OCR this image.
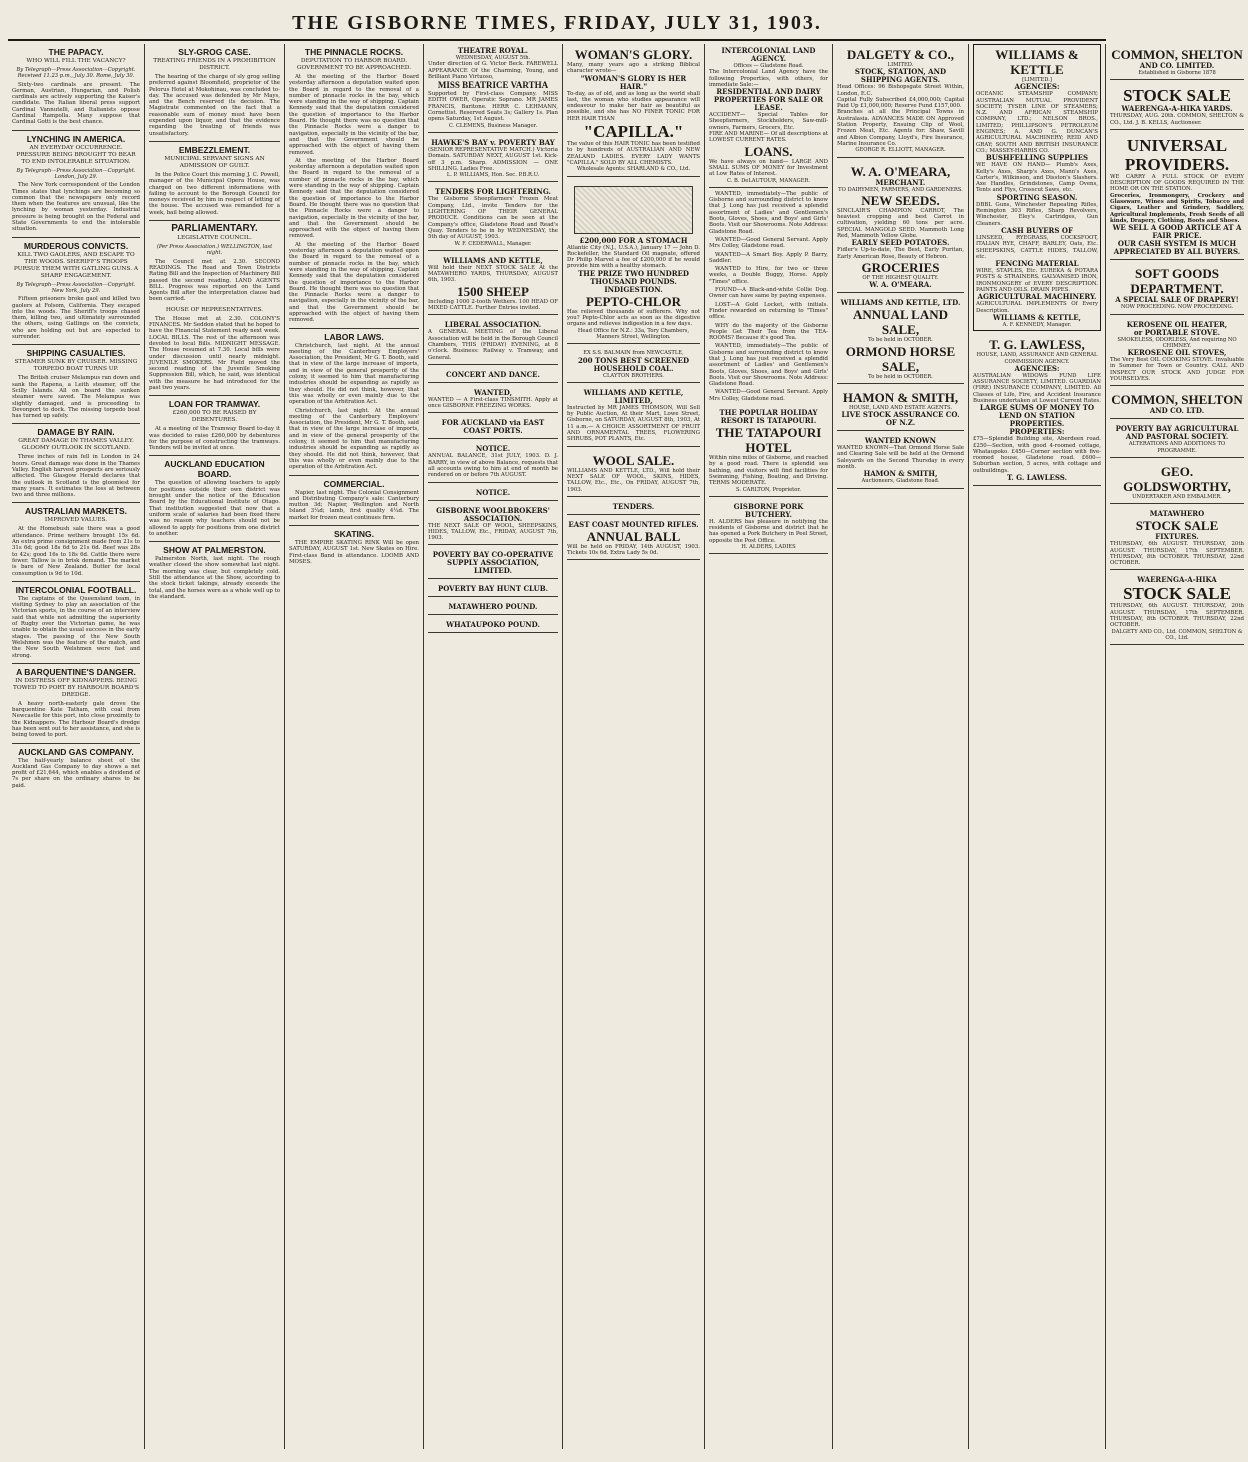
THE GISBORNE TIMES, FRIDAY, JULY 31, 1903.
THE PAPACY.
WHO WILL FILL THE VACANCY?
By Telegraph—Press Association—Copyright. Received 11.23 p.m., July 30. Rome, July 30.

Sixty-two cardinals are present. The German, Austrian, Hungarian, and Polish cardinals are actively supporting the Kaiser's candidate. The Italian liberal press support Cardinal Vannutelli, and Italianists oppose Cardinal Rampolla. Many suppose that Cardinal Gotti is the best chance.

LYNCHING IN AMERICA.
AN EVERYDAY OCCURRENCE. PRESSURE BEING BROUGHT TO BEAR TO END INTOLERABLE SITUATION.
By Telegraph—Press Association—Copyright. London, July 29.

The New York correspondent of the London Times states that lynchings are becoming so common that the newspapers only record them when the features are unusual, like the lynching by woman yesterday. Industrial pressure is being brought on the Federal and State Governments to end the intolerable situation.

MURDEROUS CONVICTS.
KILL TWO GAOLERS, AND ESCAPE TO THE WOODS. SHERIFF'S TROOPS PURSUE THEM WITH GATLING GUNS. A SHARP ENGAGEMENT.
By Telegraph—Press Association—Copyright. New York, July 29.

Fifteen prisoners broke gaol and killed two gaolers at Folsom, California. They escaped into the woods. The Sheriff's troops chased them, killing two, and ultimately surrounded the others, using Gatlings on the convicts, who are holding out but are expected to surrender.

SHIPPING CASUALTIES.
STEAMER SUNK BY CRUISER. MISSING TORPEDO BOAT TURNS UP.

The British cruiser Melampus ran down and sank the Rapena, a Leith steamer, off the Scilly Islands. All on board the sunken steamer were saved. The Melampus was slightly damaged, and is proceeding to Devonport to dock. The missing torpedo boat has turned up safely.

DAMAGE BY RAIN.
GREAT DAMAGE IN THAMES VALLEY. GLOOMY OUTLOOK IN SCOTLAND.

Three inches of rain fell in London in 24 hours. Great damage was done in the Thames Valley. English harvest prospects are seriously affected. The Glasgow Herald declares that the outlook in Scotland is the gloomiest for many years. It estimates the loss at between two and three millions.

AUSTRALIAN MARKETS.
IMPROVED VALUES.

At the Homebush sale there was a good attendance. Prime wethers brought 15s 6d. An extra prime consignment made from 21s to 31s 6d; good 18s 6d to 21s 6d. Beef was 28s to 42s; good 16s to 18s 6d. Cattle there were fewer. Tallow is in brisk demand. The market is bare of New Zealand. Butter for local consumption is 9d to 10d.

INTERCOLONIAL FOOTBALL.

The captains of the Queensland team, in visiting Sydney to play an association of the Victorian sports, in the course of an interview said that while not admitting the superiority of Rugby over the Victorian game, he was unable to obtain the usual success in the early stages. The passing of the New South Welshmen was the feature of the match, and the New South Welshmen were fast and strong.

A BARQUENTINE'S DANGER.
IN DISTRESS OFF KIDNAPPERS. BEING TOWED TO PORT BY HARBOUR BOARD'S DREDGE.

A heavy north-easterly gale drove the barquentine Kate Tatham, with coal from Newcastle for this port, into close proximity to the Kidnappers. The Harbour Board's dredge has been sent out to her assistance, and she is being towed to port.

AUCKLAND GAS COMPANY.

The half-yearly balance sheet of the Auckland Gas Company to day shows a net profit of £21,644, which enables a dividend of 7s per share on the ordinary shares to be paid.

SLY-GROG CASE.
TREATING FRIENDS IN A PROHIBITION DISTRICT.

The hearing of the charge of sly grog selling preferred against Bloomfield, proprietor of the Pelorus Hotel at Mokohinau, was concluded to-day. The accused was defended by Mr Mays, and the Bench reserved its decision. The Magistrate commented on the fact that a reasonable sum of money must have been expended upon liquor, and that the evidence regarding the treating of friends was unsatisfactory.

EMBEZZLEMENT.
MUNICIPAL SERVANT SIGNS AN ADMISSION OF GUILT.

In the Police Court this morning J. C. Powell, manager of the Municipal Opera House, was charged on two different informations with failing to account to the Borough Council for moneys received by him in respect of letting of the house. The accused was remanded for a week, bail being allowed.

PARLIAMENTARY.
LEGISLATIVE COUNCIL.
(Per Press Association.) WELLINGTON, last night.

The Council met at 2.30. SECOND READINGS. The Road and Town Districts Rating Bill and the Inspection of Machinery Bill passed the second reading. LAND AGENTS BILL. Progress was reported on the Land Agents Bill after the interpretation clause had been carried.

HOUSE OF REPRESENTATIVES.

The House met at 2.30. COLONY'S FINANCES. Mr Seddon stated that he hoped to have the Financial Statement ready next week. LOCAL BILLS. The rest of the afternoon was devoted to local Bills. MIDNIGHT MESSAGE. The House resumed at 7.30. Local bills were under discussion until nearly midnight. JUVENILE SMOKERS. Mr Field moved the second reading of the Juvenile Smoking Suppression Bill, which, he said, was identical with the measure he had introduced for the past two years.

LOAN FOR TRAMWAY.
£260,000 TO BE RAISED BY DEBENTURES.

At a meeting of the Tramway Board to-day it was decided to raise £260,000 by debentures for the purpose of constructing the tramways. Tenders will be invited at once.

AUCKLAND EDUCATION BOARD.

The question of allowing teachers to apply for positions outside their own district was brought under the notice of the Education Board by the Educational Institute of Otago. That institution suggested that now that a uniform scale of salaries had been fixed there was no reason why teachers should not be allowed to apply for positions from one district to another.

SHOW AT PALMERSTON.

Palmerston North, last night. The rough weather closed the show somewhat last night. The morning was clear, but completely cold. Still the attendance at the Show, according to the stock ticket takings, already exceeds the total, and the horses were as a whole well up to the standard.

THE PINNACLE ROCKS.
DEPUTATION TO HARBOR BOARD. GOVERNMENT TO BE APPROACHED.

At the meeting of the Harbor Board yesterday afternoon a deputation waited upon the Board in regard to the removal of a number of pinnacle rocks in the bay, which were standing in the way of shipping. Captain Kennedy said that the deputation considered the question of importance to the Harbor Board. He thought there was no question that the Pinnacle Rocks were a danger to navigation, especially in the vicinity of the bar, and that the Government should be approached with the object of having them removed.

At the meeting of the Harbor Board yesterday afternoon a deputation waited upon the Board in regard to the removal of a number of pinnacle rocks in the bay, which were standing in the way of shipping. Captain Kennedy said that the deputation considered the question of importance to the Harbor Board. He thought there was no question that the Pinnacle Rocks were a danger to navigation, especially in the vicinity of the bar, and that the Government should be approached with the object of having them removed.

At the meeting of the Harbor Board yesterday afternoon a deputation waited upon the Board in regard to the removal of a number of pinnacle rocks in the bay, which were standing in the way of shipping. Captain Kennedy said that the deputation considered the question of importance to the Harbor Board. He thought there was no question that the Pinnacle Rocks were a danger to navigation, especially in the vicinity of the bar, and that the Government should be approached with the object of having them removed.

LABOR LAWS.

Christchurch, last night. At the annual meeting of the Canterbury Employers' Association, the President, Mr G. T. Booth, said that in view of the large increase of imports, and in view of the general prosperity of the colony, it seemed to him that manufacturing industries should be expanding as rapidly as they should. He did not think, however, that this was wholly or even mainly due to the operation of the Arbitration Act.

Christchurch, last night. At the annual meeting of the Canterbury Employers' Association, the President, Mr G. T. Booth, said that in view of the large increase of imports, and in view of the general prosperity of the colony, it seemed to him that manufacturing industries should be expanding as rapidly as they should. He did not think, however, that this was wholly or even mainly due to the operation of the Arbitration Act.

COMMERCIAL.

Napier, last night. The Colonial Consignment and Distributing Company's sale: Canterbury mutton 3d; Napier, Wellington and North Island 3¼d; lamb, first quality 4¼d. The market for frozen meat continues firm.

SKATING.

THE EMPIRE SKATING RINK Will be open SATURDAY, AUGUST 1st. New Skates on Hire. First-class Band in attendance. LOOMB AND MOSES.

THEATRE ROYAL.
WEDNESDAY, AUGUST 5th.
Under direction of G. Victor Beck. FAREWELL APPEARANCE Of the Charming, Young, and Brilliant Piano Virtuoso,
MISS BEATRICE VARTHA
Supported by First-class Company. MISS EDITH OWER, Operatic Soprano. MR JAMES FRANCIS, Baritone. HERR C. LEHMANN, Cornettist. Reserved Seats 3s; Gallery 1s. Plan opens Saturday, 1st August.
C. CLEMENS, Business Manager.
HAWKE'S BAY v. POVERTY BAY
(SENIOR REPRESENTATIVE MATCH.) Victoria Domain. SATURDAY NEXT, AUGUST 1st. Kick-off 3 p.m. Sharp. ADMISSION — ONE SHILLING. Ladies Free.
L. P. WILLIAMS, Hon. Sec. P.B.R.U.
TENDERS FOR LIGHTERING.
The Gisborne Sheepfarmers' Frozen Meat Company, Ltd., invite Tenders for the LIGHTERING OF THEIR GENERAL PRODUCE. Conditions can be seen at the Company's office, Gladstone Road and Read's Quay. Tenders to be in by WEDNESDAY, the 5th day of AUGUST, 1903.
W. F. CEDERWALL, Manager.
WILLIAMS AND KETTLE,
Will hold their NEXT STOCK SALE At the MATAWHERO YARDS, THURSDAY, AUGUST 6th, 1903.
1500 SHEEP
Including 1000 2-tooth Wethers. 100 HEAD OF MIXED CATTLE. Further Entries invited.
LIBERAL ASSOCIATION.
A GENERAL MEETING of the Liberal Association will be held in the Borough Council Chambers, THIS (FRIDAY) EVENING, at 8 o'clock. Business: Railway v. Tramway, and General.
CONCERT AND DANCE.
WANTED,
WANTED — A First-class TINSMITH. Apply at once GISBORNE FREEZING WORKS.
FOR AUCKLAND via EAST COAST PORTS.
NOTICE.
ANNUAL BALANCE, 31st JULY, 1903. D. J. BARRY, in view of above Balance, requests that all accounts owing to him at end of month be rendered on or before 7th AUGUST.
NOTICE.
GISBORNE WOOLBROKERS' ASSOCIATION.
THE NEXT SALE OF WOOL, SHEEPSKINS, HIDES, TALLOW, Etc., FRIDAY, AUGUST 7th, 1903.
POVERTY BAY CO-OPERATIVE SUPPLY ASSOCIATION, LIMITED.
POVERTY BAY HUNT CLUB.
MATAWHERO POUND.
WHATAUPOKO POUND.
WOMAN'S GLORY.
Many, many years ago a striking Biblical character wrote—
"WOMAN'S GLORY IS HER HAIR."
To-day, as of old, and as long as the world shall last, the woman who studies appearance will endeavour to make her hair as beautiful as possible, and she has NO FINER TONIC FOR HER HAIR THAN
"CAPILLA."
The value of this HAIR TONIC has been testified to by hundreds of AUSTRALIAN AND NEW ZEALAND LADIES. EVERY LADY WANTS "CAPILLA." SOLD BY ALL CHEMISTS.
Wholesale Agents: SHARLAND & CO., Ltd.
£200,000 FOR A STOMACH
Atlantic City (N.J., U.S.A.), January 17 — John D. Rockefeller, the Standard Oil magnate, offered Dr Philip Marvel a fee of £200,000 if he would provide him with a healthy stomach.
THE PRIZE TWO HUNDRED THOUSAND POUNDS.
INDIGESTION.
PEPTO-CHLOR
Has relieved thousands of sufferers. Why not you? Pepto-Chlor acts as soon as the digestive organs and relieves indigestion in a few days.
Head Office for N.Z.: 33a, Tory Chambers, Manners Street, Wellington.
EX S.S. BALMAIN from NEWCASTLE,
200 TONS BEST SCREENED HOUSEHOLD COAL.
CLAYTON BROTHERS.
WILLIAMS AND KETTLE, LIMITED,
Instructed by MR JAMES THOMSON, Will Sell by Public Auction, At their Mart, Lowe Street, Gisborne, on SATURDAY, AUGUST 8th, 1903, At 11 a.m.— A CHOICE ASSORTMENT OF FRUIT AND ORNAMENTAL TREES, FLOWERING SHRUBS, POT PLANTS, Etc.
WOOL SALE.
WILLIAMS AND KETTLE, LTD., Will hold their NEXT SALE OF WOOL, SKINS, HIDES, TALLOW, Etc., Etc., On FRIDAY, AUGUST 7th, 1903.
TENDERS.
EAST COAST MOUNTED RIFLES.
ANNUAL BALL
Will be held on FRIDAY, 14th AUGUST, 1903. Tickets 10s 6d. Extra Lady 5s 0d.
INTERCOLONIAL LAND AGENCY.
Offices — Gladstone Road.
The Intercolonial Land Agency have the following Properties, with others, for immediate Sale:—
RESIDENTIAL AND DAIRY PROPERTIES FOR SALE OR LEASE.
ACCIDENT— Special Tables for Sheepfarmers, Stockholders, Saw-mill-owners, Farmers, Grocers, Etc.
FIRE AND MARINE— Of all descriptions at LOWEST CURRENT RATES.
LOANS.
We have always on hand— LARGE AND SMALL SUMS OF MONEY for Investment at Low Rates of Interest.
C. B. DeLAUTOUR, MANAGER.

WANTED, immediately—The public of Gisborne and surrounding district to know that J. Long has just received a splendid assortment of Ladies' and Gentlemen's Boots, Gloves, Shoes, and Boys' and Girls' Boots. Visit our Showrooms. Note Address: Gladstone Road.

WANTED—Good General Servant. Apply Mrs Colley, Gladstone road.

WANTED—A Smart Boy. Apply P. Barry, Saddler.

WANTED to Hire, for two or three weeks, a Double Buggy, Horse. Apply "Times" office.

FOUND—A Black-and-white Collie Dog. Owner can have same by paying expenses.

LOST—A Gold Locket, with initials. Finder rewarded on returning to "Times" office.

WHY do the majority of the Gisborne People Get Their Tea from the TEA-ROOMS? Because it's good Tea.

WANTED, immediately—The public of Gisborne and surrounding district to know that J. Long has just received a splendid assortment of Ladies' and Gentlemen's Boots, Gloves, Shoes, and Boys' and Girls' Boots. Visit our Showrooms. Note Address: Gladstone Road.

WANTED—Good General Servant. Apply Mrs Colley, Gladstone road.

THE POPULAR HOLIDAY RESORT IS TATAPOURI.
THE TATAPOURI HOTEL
Within nine miles of Gisborne, and reached by a good road. There is splendid sea bathing, and visitors will find facilities for Swimming, Fishing, Boating, and Driving. TERMS MODERATE.
S. CARLTON, Proprietor.
GISBORNE PORK BUTCHERY.
H. ALDERS has pleasure in notifying the residents of Gisborne and district that he has opened a Pork Butchery in Peel Street, opposite the Post Office.
H. ALDERS, LADIES
DALGETY & CO.,
LIMITED.
STOCK, STATION, AND SHIPPING AGENTS.
Head Offices: 96 Bishopsgate Street Within, London, E.C.
Capital Fully Subscribed £4,000,000; Capital Paid Up £1,000,000; Reserve Fund £157,000.
Branches at all the Principal Towns in Australasia. ADVANCES MADE ON Approved Station Property, Ensuing Clip of Wool, Frozen Meat, Etc. Agents for: Shaw, Savill and Albion Company, Lloyd's, Fire Insurance, Marine Insurance Co.
GEORGE R. ELLIOTT, MANAGER.
W. A. O'MEARA,
MERCHANT.
TO DAIRYMEN, FARMERS, AND GARDENERS.
NEW SEEDS.
SINCLAIR'S CHAMPION CARROT, The heaviest cropping and best Carrot in cultivation, yielding 60 tons per acre. SPECIAL MANGOLD SEED. Mammoth Long Red, Mammoth Yellow Globe.
EARLY SEED POTATOES.
Fidler's Up-to-date, The Best, Early Puritan, Early American Rose, Beauty of Hebron.
GROCERIES
OF THE HIGHEST QUALITY.
W. A. O'MEARA.
WILLIAMS AND KETTLE, LTD.
ANNUAL LAND SALE,
To be held in OCTOBER.
ORMOND HORSE SALE,
To be held in OCTOBER.
HAMON & SMITH,
HOUSE, LAND AND ESTATE AGENTS.
LIVE STOCK ASSURANCE CO. OF N.Z.
WANTED KNOWN
WANTED KNOWN—That Ormond Horse Sale and Clearing Sale will be held at the Ormond Saleyards on the Second Thursday in every month.
HAMON & SMITH,
Auctioneers, Gladstone Road.
WILLIAMS & KETTLE
[LIMITED.]
AGENCIES:
OCEANIC STEAMSHIP COMPANY; AUSTRALIAN MUTUAL PROVIDENT SOCIETY; TYSER LINE OF STEAMERS; N.Z. AND AFRICAN STEAMSHIP COMPANY, LTD.; NELSON BROS., LIMITED; PHILLIPSON'S PETROLEUM ENGINES; A. AND G. DUNCAN'S AGRICULTURAL MACHINERY; REID AND GRAY; SOUTH AND BRITISH INSURANCE CO.; MASSEY-HARRIS CO.
BUSHFELLING SUPPLIES
WE HAVE ON HAND— Plumb's Axes, Kelly's Axes, Sharp's Axes, Mann's Axes, Carter's, Wilkinson, and Disston's Slashers. Axe Handles, Grindstones, Camp Ovens, Tents and Flys, Crosscut Saws, etc.
SPORTING SEASON.
DBBL Guns, Winchester Repeating Rifles, Remington 303 Rifles, Sharp Revolvers, Winchester, Eley's Cartridges, Gun Cleaners.
CASH BUYERS OF
LINSEED, RYEGRASS, COCKSFOOT, ITALIAN RYE, CHAFF, BARLEY, Oats, Etc. SHEEPSKINS, CATTLE HIDES, TALLOW, etc.
FENCING MATERIAL
WIRE, STAPLES, Etc. EUREKA & POTARA POSTS & STRAINERS. GALVANISED IRON, IRONMONGERY of EVERY DESCRIPTION. PAINTS AND OILS. DRAIN PIPES.
AGRICULTURAL MACHINERY.
AGRICULTURAL IMPLEMENTS Of Every Description.
WILLIAMS & KETTLE,
A. F. KENNEDY, Manager.
T. G. LAWLESS,
HOUSE, LAND, ASSURANCE AND GENERAL COMMISSION AGENCY.
AGENCIES:
AUSTRALIAN WIDOWS FUND LIFE ASSURANCE SOCIETY, LIMITED. GUARDIAN (FIRE) INSURANCE COMPANY, LIMITED. All Classes of Life, Fire, and Accident Insurance Business undertaken at Lowest Current Rates.
LARGE SUMS OF MONEY TO LEND ON STATION PROPERTIES.
PROPERTIES:
£75—Splendid Building site, Aberdeen road. £250—Section, with good 4-roomed cottage, Whataupoko. £450—Corner section with five-roomed house, Gladstone road. £600—Suburban section, 5 acres, with cottage and outbuildings.
T. G. LAWLESS.
COMMON, SHELTON
AND CO. LIMITED.
Established in Gisborne 1878
STOCK SALE
WAERENGA-A-HIKA YARDS.
THURSDAY, AUG. 20th. COMMON, SHELTON & CO., Ltd. J. B. KELLS, Auctioneer.
UNIVERSAL PROVIDERS.
WE CARRY A FULL STOCK OF EVERY DESCRIPTION OF GOODS REQUIRED IN THE HOME OR ON THE STATION.
Groceries, Ironmongery, Crockery and Glassware, Wines and Spirits, Tobacco and Cigars, Leather and Grindery, Saddlery, Agricultural Implements, Fresh Seeds of all kinds, Drapery, Clothing, Boots and Shoes.
WE SELL A GOOD ARTICLE AT A FAIR PRICE.
OUR CASH SYSTEM IS MUCH APPRECIATED BY ALL BUYERS.
SOFT GOODS DEPARTMENT.
A SPECIAL SALE OF DRAPERY!
NOW PROCEEDING. NOW PROCEEDING.
KEROSENE OIL HEATER,
or PORTABLE STOVE.
SMOKELESS, ODORLESS, And requiring NO CHIMNEY.
KEROSENE OIL STOVES,
The Very Best OIL COOKING STOVE. Invaluable in Summer for Town or Country. CALL AND INSPECT OUR STOCK AND JUDGE FOR YOURSELVES.
COMMON, SHELTON
AND CO. LTD.
POVERTY BAY AGRICULTURAL AND PASTORAL SOCIETY.
ALTERATIONS AND ADDITIONS TO PROGRAMME.
GEO. GOLDSWORTHY,
UNDERTAKER AND EMBALMER.
MATAWHERO
STOCK SALE
FIXTURES.
THURSDAY, 6th AUGUST. THURSDAY, 20th AUGUST. THURSDAY, 17th SEPTEMBER. THURSDAY, 8th OCTOBER. THURSDAY, 22nd OCTOBER.
WAERENGA-A-HIKA
STOCK SALE
THURSDAY, 6th AUGUST. THURSDAY, 20th AUGUST. THURSDAY, 17th SEPTEMBER. THURSDAY, 8th OCTOBER. THURSDAY, 22nd OCTOBER.
DALGETY AND CO., Ltd. COMMON, SHELTON & CO., Ltd.
